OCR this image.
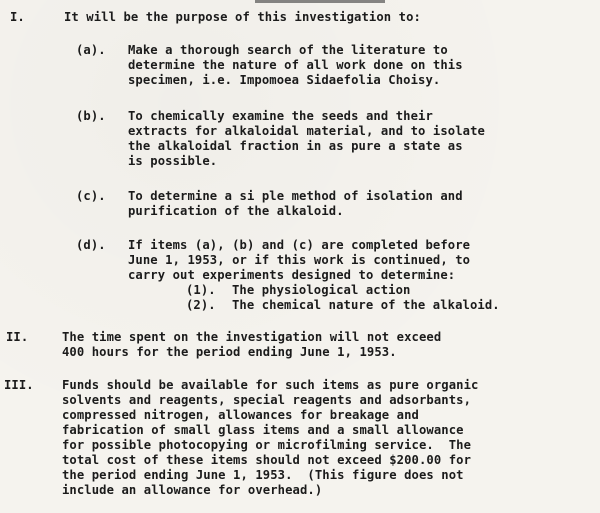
I.	It will be the purpose of this investigation to:
(a). Make a thorough search of the literature to
determine the nature of all work done on this
specimen, i.e. Impomoea Sidaefolia Choisy.
(b). To chemically examine the seeds and their
extracts for alkaloidal material, and to isolate
the alkaloidal fraction in as pure a state as
is possible.
(c). To determine a si ple method of isolation and
purification of the alkaloid.
(d). If items (a), (b) and (c) are completed before
June 1, 1953, or if this work is continued, to
carry out experiments designed to determine:
(1). The physiological action
(2). The chemical nature of the alkaloid.
II.	The time spent on the investigation will not exceed
400 hours for the period ending June 1, 1953.
III. Funds should be available for such items as pure organic
solvents and reagents, special reagents and adsorbants,
compressed nitrogen, allowances for breakage and
fabrication of small glass items and a small allowance
for possible photocopying or microfilming service.  The
total cost of these items should not exceed $200.00 for
the period ending June 1, 1953.  (This figure does not
include an allowance for overhead.)
